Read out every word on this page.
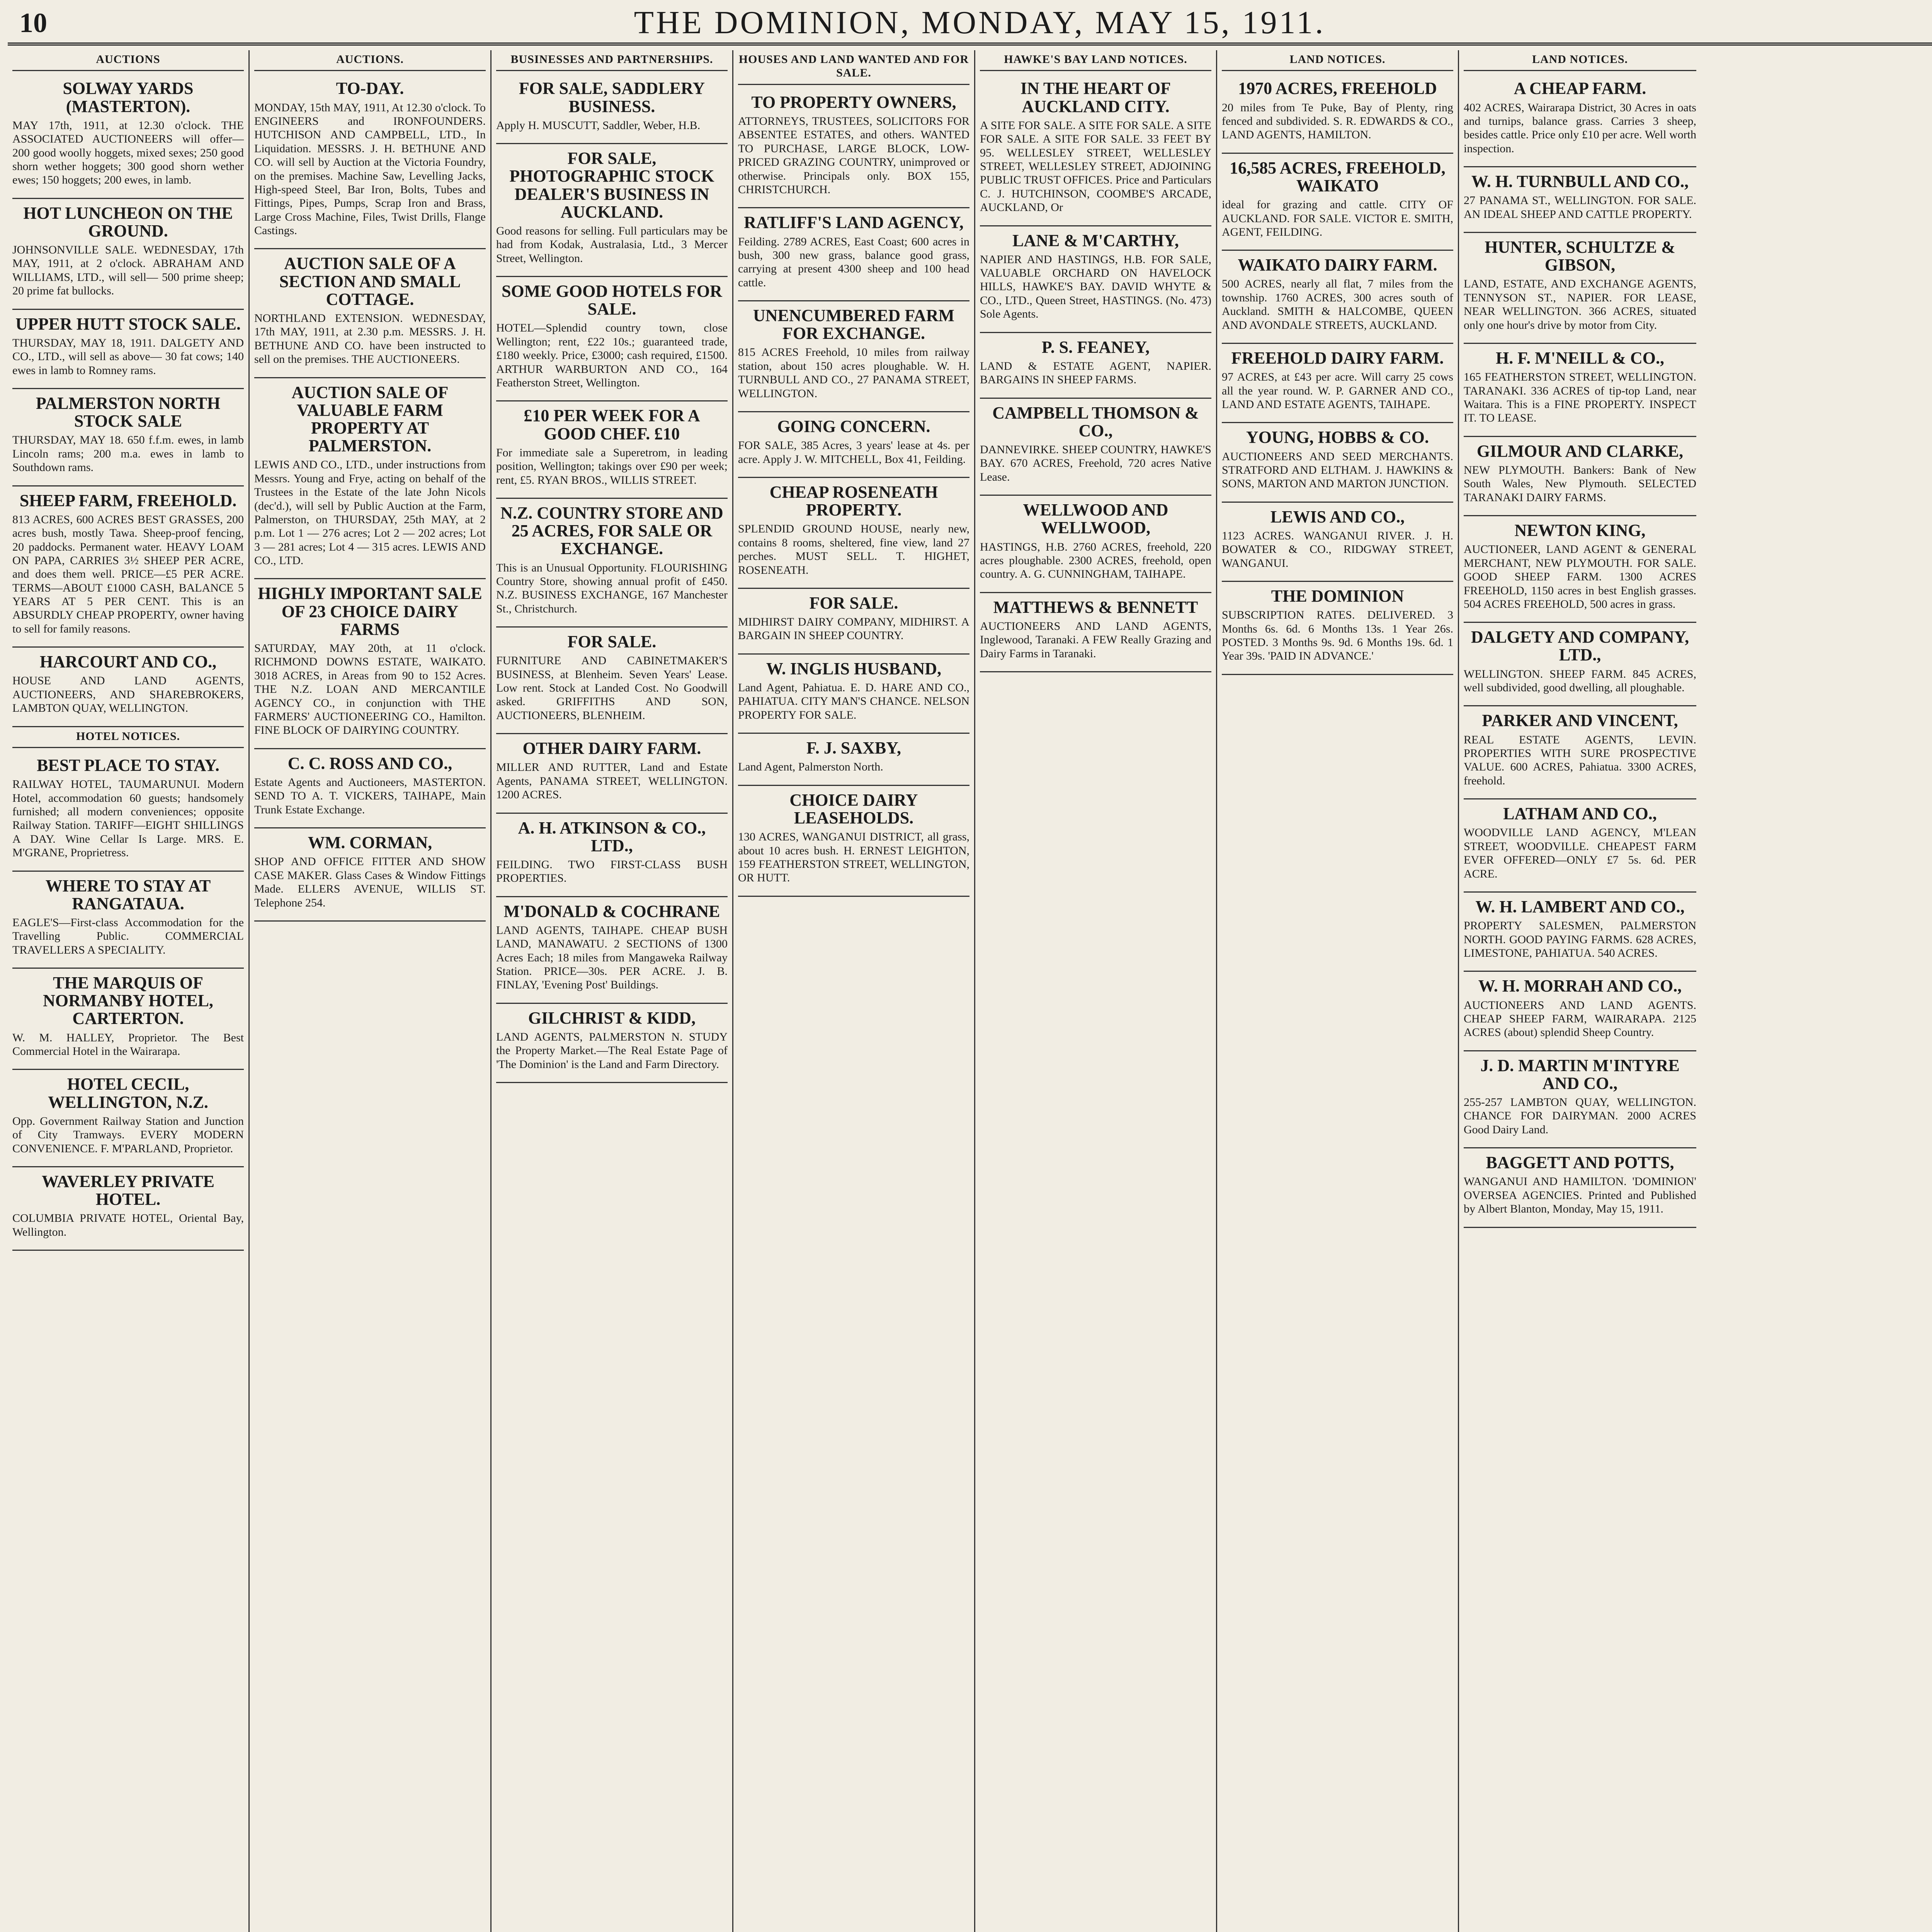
10	THE DOMINION, MONDAY, MAY 15, 1911.
AUCTIONS
SOLWAY YARDS (MASTERTON).

MAY 17th, 1911, at 12.30 o'clock. THE ASSOCIATED AUCTIONEERS will offer— 200 good woolly hoggets, mixed sexes; 250 good shorn wether hoggets; 300 good shorn wether ewes; 150 hoggets; 200 ewes, in lamb.

HOT LUNCHEON ON THE GROUND.

JOHNSONVILLE SALE. WEDNESDAY, 17th MAY, 1911, at 2 o'clock. ABRAHAM AND WILLIAMS, LTD., will sell— 500 prime sheep; 20 prime fat bullocks.

UPPER HUTT STOCK SALE.

THURSDAY, MAY 18, 1911. DALGETY AND CO., LTD., will sell as above— 30 fat cows; 140 ewes in lamb to Romney rams.

PALMERSTON NORTH STOCK SALE

THURSDAY, MAY 18. 650 f.f.m. ewes, in lamb Lincoln rams; 200 m.a. ewes in lamb to Southdown rams.

SHEEP FARM, FREEHOLD.

813 ACRES, 600 ACRES BEST GRASSES, 200 acres bush, mostly Tawa. Sheep-proof fencing, 20 paddocks. Permanent water. HEAVY LOAM ON PAPA, CARRIES 3½ SHEEP PER ACRE, and does them well. PRICE—£5 PER ACRE. TERMS—ABOUT £1000 CASH, BALANCE 5 YEARS AT 5 PER CENT. This is an ABSURDLY CHEAP PROPERTY, owner having to sell for family reasons.

HARCOURT AND CO.,

HOUSE AND LAND AGENTS, AUCTIONEERS, AND SHAREBROKERS, LAMBTON QUAY, WELLINGTON.

HOTEL NOTICES.
BEST PLACE TO STAY.

RAILWAY HOTEL, TAUMARUNUI. Modern Hotel, accommodation 60 guests; handsomely furnished; all modern conveniences; opposite Railway Station. TARIFF—EIGHT SHILLINGS A DAY. Wine Cellar Is Large. MRS. E. M'GRANE, Proprietress.

WHERE TO STAY AT RANGATAUA.

EAGLE'S—First-class Accommodation for the Travelling Public. COMMERCIAL TRAVELLERS A SPECIALITY.

THE MARQUIS OF NORMANBY HOTEL, CARTERTON.

W. M. HALLEY, Proprietor. The Best Commercial Hotel in the Wairarapa.

HOTEL CECIL, WELLINGTON, N.Z.

Opp. Government Railway Station and Junction of City Tramways. EVERY MODERN CONVENIENCE. F. M'PARLAND, Proprietor.

WAVERLEY PRIVATE HOTEL.

COLUMBIA PRIVATE HOTEL, Oriental Bay, Wellington.

AUCTIONS.
TO-DAY.

MONDAY, 15th MAY, 1911, At 12.30 o'clock. To ENGINEERS and IRONFOUNDERS. HUTCHISON AND CAMPBELL, LTD., In Liquidation. MESSRS. J. H. BETHUNE AND CO. will sell by Auction at the Victoria Foundry, on the premises. Machine Saw, Levelling Jacks, High-speed Steel, Bar Iron, Bolts, Tubes and Fittings, Pipes, Pumps, Scrap Iron and Brass, Large Cross Machine, Files, Twist Drills, Flange Castings.

AUCTION SALE OF A SECTION AND SMALL COTTAGE.

NORTHLAND EXTENSION. WEDNESDAY, 17th MAY, 1911, at 2.30 p.m. MESSRS. J. H. BETHUNE AND CO. have been instructed to sell on the premises. THE AUCTIONEERS.

AUCTION SALE OF VALUABLE FARM PROPERTY AT PALMERSTON.

LEWIS AND CO., LTD., under instructions from Messrs. Young and Frye, acting on behalf of the Trustees in the Estate of the late John Nicols (dec'd.), will sell by Public Auction at the Farm, Palmerston, on THURSDAY, 25th MAY, at 2 p.m. Lot 1 — 276 acres; Lot 2 — 202 acres; Lot 3 — 281 acres; Lot 4 — 315 acres. LEWIS AND CO., LTD.

HIGHLY IMPORTANT SALE OF 23 CHOICE DAIRY FARMS

SATURDAY, MAY 20th, at 11 o'clock. RICHMOND DOWNS ESTATE, WAIKATO. 3018 ACRES, in Areas from 90 to 152 Acres. THE N.Z. LOAN AND MERCANTILE AGENCY CO., in conjunction with THE FARMERS' AUCTIONEERING CO., Hamilton. FINE BLOCK OF DAIRYING COUNTRY.

C. C. ROSS AND CO.,

Estate Agents and Auctioneers, MASTERTON. SEND TO A. T. VICKERS, TAIHAPE, Main Trunk Estate Exchange.

WM. CORMAN,

SHOP AND OFFICE FITTER AND SHOW CASE MAKER. Glass Cases & Window Fittings Made. ELLERS AVENUE, WILLIS ST. Telephone 254.

BUSINESSES AND PARTNERSHIPS.
FOR SALE, SADDLERY BUSINESS.

Apply H. MUSCUTT, Saddler, Weber, H.B.

FOR SALE, PHOTOGRAPHIC STOCK DEALER'S BUSINESS IN AUCKLAND.

Good reasons for selling. Full particulars may be had from Kodak, Australasia, Ltd., 3 Mercer Street, Wellington.

SOME GOOD HOTELS FOR SALE.

HOTEL—Splendid country town, close Wellington; rent, £22 10s.; guaranteed trade, £180 weekly. Price, £3000; cash required, £1500. ARTHUR WARBURTON AND CO., 164 Featherston Street, Wellington.

£10 PER WEEK FOR A GOOD CHEF. £10

For immediate sale a Superetrom, in leading position, Wellington; takings over £90 per week; rent, £5. RYAN BROS., WILLIS STREET.

N.Z. COUNTRY STORE AND 25 ACRES, FOR SALE OR EXCHANGE.

This is an Unusual Opportunity. FLOURISHING Country Store, showing annual profit of £450. N.Z. BUSINESS EXCHANGE, 167 Manchester St., Christchurch.

FOR SALE.

FURNITURE AND CABINETMAKER'S BUSINESS, at Blenheim. Seven Years' Lease. Low rent. Stock at Landed Cost. No Goodwill asked. GRIFFITHS AND SON, AUCTIONEERS, BLENHEIM.

OTHER DAIRY FARM.

MILLER AND RUTTER, Land and Estate Agents, PANAMA STREET, WELLINGTON. 1200 ACRES.

A. H. ATKINSON & CO., LTD.,

FEILDING. TWO FIRST-CLASS BUSH PROPERTIES.

M'DONALD & COCHRANE

LAND AGENTS, TAIHAPE. CHEAP BUSH LAND, MANAWATU. 2 SECTIONS of 1300 Acres Each; 18 miles from Mangaweka Railway Station. PRICE—30s. PER ACRE. J. B. FINLAY, 'Evening Post' Buildings.

GILCHRIST & KIDD,

LAND AGENTS, PALMERSTON N. STUDY the Property Market.—The Real Estate Page of 'The Dominion' is the Land and Farm Directory.

HOUSES AND LAND WANTED AND FOR SALE.
TO PROPERTY OWNERS,

ATTORNEYS, TRUSTEES, SOLICITORS FOR ABSENTEE ESTATES, and others. WANTED TO PURCHASE, LARGE BLOCK, LOW-PRICED GRAZING COUNTRY, unimproved or otherwise. Principals only. BOX 155, CHRISTCHURCH.

RATLIFF'S LAND AGENCY,

Feilding. 2789 ACRES, East Coast; 600 acres in bush, 300 new grass, balance good grass, carrying at present 4300 sheep and 100 head cattle.

UNENCUMBERED FARM FOR EXCHANGE.

815 ACRES Freehold, 10 miles from railway station, about 150 acres ploughable. W. H. TURNBULL AND CO., 27 PANAMA STREET, WELLINGTON.

GOING CONCERN.

FOR SALE, 385 Acres, 3 years' lease at 4s. per acre. Apply J. W. MITCHELL, Box 41, Feilding.

CHEAP ROSENEATH PROPERTY.

SPLENDID GROUND HOUSE, nearly new, contains 8 rooms, sheltered, fine view, land 27 perches. MUST SELL. T. HIGHET, ROSENEATH.

FOR SALE.

MIDHIRST DAIRY COMPANY, MIDHIRST. A BARGAIN IN SHEEP COUNTRY.

W. INGLIS HUSBAND,

Land Agent, Pahiatua. E. D. HARE AND CO., PAHIATUA. CITY MAN'S CHANCE. NELSON PROPERTY FOR SALE.

F. J. SAXBY,

Land Agent, Palmerston North.

CHOICE DAIRY LEASEHOLDS.

130 ACRES, WANGANUI DISTRICT, all grass, about 10 acres bush. H. ERNEST LEIGHTON, 159 FEATHERSTON STREET, WELLINGTON, OR HUTT.

HAWKE'S BAY LAND NOTICES.
IN THE HEART OF AUCKLAND CITY.

A SITE FOR SALE. A SITE FOR SALE. A SITE FOR SALE. A SITE FOR SALE. 33 FEET BY 95. WELLESLEY STREET, WELLESLEY STREET, WELLESLEY STREET, ADJOINING PUBLIC TRUST OFFICES. Price and Particulars C. J. HUTCHINSON, COOMBE'S ARCADE, AUCKLAND, Or

LANE & M'CARTHY,

NAPIER AND HASTINGS, H.B. FOR SALE, VALUABLE ORCHARD ON HAVELOCK HILLS, HAWKE'S BAY. DAVID WHYTE & CO., LTD., Queen Street, HASTINGS. (No. 473) Sole Agents.

P. S. FEANEY,

LAND & ESTATE AGENT, NAPIER. BARGAINS IN SHEEP FARMS.

CAMPBELL THOMSON & CO.,

DANNEVIRKE. SHEEP COUNTRY, HAWKE'S BAY. 670 ACRES, Freehold, 720 acres Native Lease.

WELLWOOD AND WELLWOOD,

HASTINGS, H.B. 2760 ACRES, freehold, 220 acres ploughable. 2300 ACRES, freehold, open country. A. G. CUNNINGHAM, TAIHAPE.

MATTHEWS & BENNETT

AUCTIONEERS AND LAND AGENTS, Inglewood, Taranaki. A FEW Really Grazing and Dairy Farms in Taranaki.

LAND NOTICES.
1970 ACRES, FREEHOLD

20 miles from Te Puke, Bay of Plenty, ring fenced and subdivided. S. R. EDWARDS & CO., LAND AGENTS, HAMILTON.

16,585 ACRES, FREEHOLD, WAIKATO

ideal for grazing and cattle. CITY OF AUCKLAND. FOR SALE. VICTOR E. SMITH, AGENT, FEILDING.

WAIKATO DAIRY FARM.

500 ACRES, nearly all flat, 7 miles from the township. 1760 ACRES, 300 acres south of Auckland. SMITH & HALCOMBE, QUEEN AND AVONDALE STREETS, AUCKLAND.

FREEHOLD DAIRY FARM.

97 ACRES, at £43 per acre. Will carry 25 cows all the year round. W. P. GARNER AND CO., LAND AND ESTATE AGENTS, TAIHAPE.

YOUNG, HOBBS & CO.

AUCTIONEERS AND SEED MERCHANTS. STRATFORD AND ELTHAM. J. HAWKINS & SONS, MARTON AND MARTON JUNCTION.

LEWIS AND CO.,

1123 ACRES. WANGANUI RIVER. J. H. BOWATER & CO., RIDGWAY STREET, WANGANUI.

THE DOMINION

SUBSCRIPTION RATES. DELIVERED. 3 Months 6s. 6d. 6 Months 13s. 1 Year 26s. POSTED. 3 Months 9s. 9d. 6 Months 19s. 6d. 1 Year 39s. 'PAID IN ADVANCE.'

LAND NOTICES.
A CHEAP FARM.

402 ACRES, Wairarapa District, 30 Acres in oats and turnips, balance grass. Carries 3 sheep, besides cattle. Price only £10 per acre. Well worth inspection.

W. H. TURNBULL AND CO.,

27 PANAMA ST., WELLINGTON. FOR SALE. AN IDEAL SHEEP AND CATTLE PROPERTY.

HUNTER, SCHULTZE & GIBSON,

LAND, ESTATE, AND EXCHANGE AGENTS, TENNYSON ST., NAPIER. FOR LEASE, NEAR WELLINGTON. 366 ACRES, situated only one hour's drive by motor from City.

H. F. M'NEILL & CO.,

165 FEATHERSTON STREET, WELLINGTON. TARANAKI. 336 ACRES of tip-top Land, near Waitara. This is a FINE PROPERTY. INSPECT IT. TO LEASE.

GILMOUR AND CLARKE,

NEW PLYMOUTH. Bankers: Bank of New South Wales, New Plymouth. SELECTED TARANAKI DAIRY FARMS.

NEWTON KING,

AUCTIONEER, LAND AGENT & GENERAL MERCHANT, NEW PLYMOUTH. FOR SALE. GOOD SHEEP FARM. 1300 ACRES FREEHOLD, 1150 acres in best English grasses. 504 ACRES FREEHOLD, 500 acres in grass.

DALGETY AND COMPANY, LTD.,

WELLINGTON. SHEEP FARM. 845 ACRES, well subdivided, good dwelling, all ploughable.

PARKER AND VINCENT,

REAL ESTATE AGENTS, LEVIN. PROPERTIES WITH SURE PROSPECTIVE VALUE. 600 ACRES, Pahiatua. 3300 ACRES, freehold.

LATHAM AND CO.,

WOODVILLE LAND AGENCY, M'LEAN STREET, WOODVILLE. CHEAPEST FARM EVER OFFERED—ONLY £7 5s. 6d. PER ACRE.

W. H. LAMBERT AND CO.,

PROPERTY SALESMEN, PALMERSTON NORTH. GOOD PAYING FARMS. 628 ACRES, LIMESTONE, PAHIATUA. 540 ACRES.

W. H. MORRAH AND CO.,

AUCTIONEERS AND LAND AGENTS. CHEAP SHEEP FARM, WAIRARAPA. 2125 ACRES (about) splendid Sheep Country.

J. D. MARTIN M'INTYRE AND CO.,

255-257 LAMBTON QUAY, WELLINGTON. CHANCE FOR DAIRYMAN. 2000 ACRES Good Dairy Land.

BAGGETT AND POTTS,

WANGANUI AND HAMILTON. 'DOMINION' OVERSEA AGENCIES. Printed and Published by Albert Blanton, Monday, May 15, 1911.
